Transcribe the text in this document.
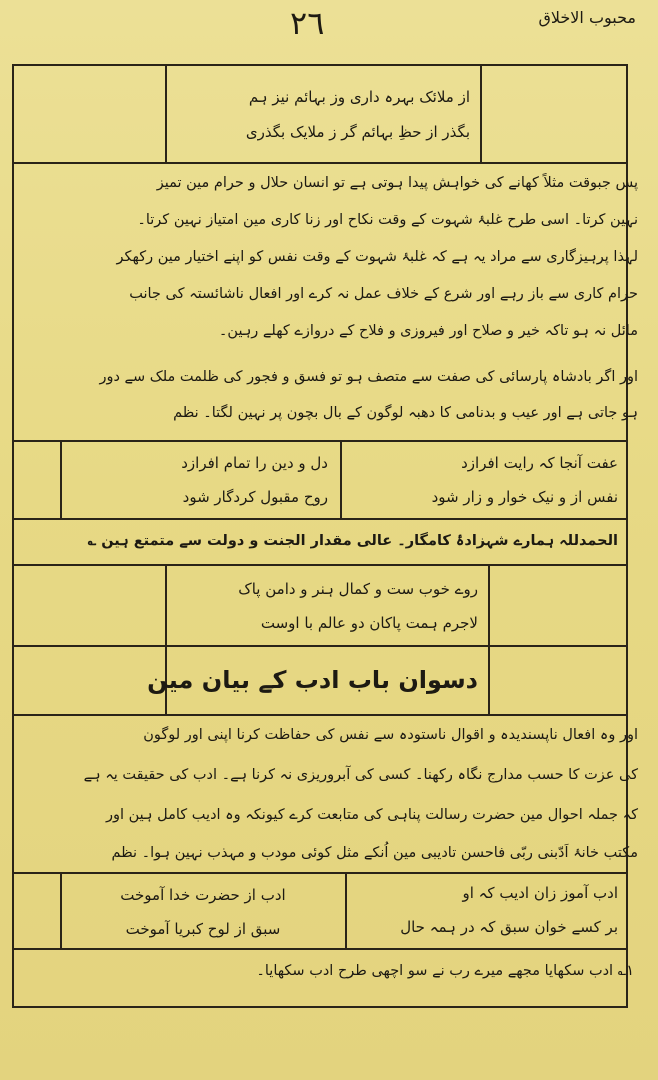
محبوب الاخلاق
٢٦
از ملائک بہرہ داری وز بہائم نیز ہم
بگذر از حظِ بہائم گر ز ملایک بگذری
پس جبوقت مثلاً کھانے کی خواہش پیدا ہوتی ہے تو انسان حلال و حرام مین تمیز
نہین کرتا۔ اسی طرح غلبۂ شہوت کے وقت نکاح اور زنا کاری مین امتیاز نہین کرتا۔
لہذا پرہیزگاری سے مراد یہ ہے کہ غلبۂ شہوت کے وقت نفس کو اپنے اختیار مین رکھکر
حرام کاری سے باز رہے اور شرع کے خلاف عمل نہ کرے اور افعال ناشائستہ کی جانب
مائل نہ ہو تاکہ خیر و صلاح اور فیروزی و فلاح کے دروازے کھلے رہین۔
اور اگر بادشاہ پارسائی کی صفت سے متصف ہو تو فسق و فجور کی ظلمت ملک سے دور
ہو جاتی ہے اور عیب و بدنامی کا دھبہ لوگون کے بال بچون پر نہین لگتا۔ نظم
عفت آنجا کہ رایت افرازد
نفس از و نیک خوار و زار شود
دل و دین را تمام افرازد
روح مقبول کردگار شود
الحمدللہ ہمارے شہزادۂ کامگار۔ عالی مقدار الجنت و دولت سے متمتع ہین ؎
روے خوب ست و کمال ہنر و دامن پاک
لاجرم ہمت پاکان دو عالم با اوست
دسوان باب ادب کے بیان مین
اور وہ افعال ناپسندیدہ و اقوال ناستودہ سے نفس کی حفاظت کرنا اپنی اور لوگون
کی عزت کا حسب مدارج نگاہ رکھنا۔ کسی کی آبروریزی نہ کرنا ہے۔ ادب کی حقیقت یہ ہے
کہ جملہ احوال مین حضرت رسالت پناہی کی متابعت کرے کیونکہ وہ ادیب کامل ہین اور
مکتب خانۂ اَدّبنی ربّی فاحسن تادیبی مین اُنکے مثل کوئی مودب و مہذب نہین ہوا۔ نظم
ادب آموز زان ادیب کہ او
بر کسے خوان سبق کہ در ہمہ حال
ادب از حضرت خدا آموخت
سبق از لوح کبریا آموخت
۱؎ ادب سکھایا مجھے میرے رب نے سو اچھی طرح ادب سکھایا۔
